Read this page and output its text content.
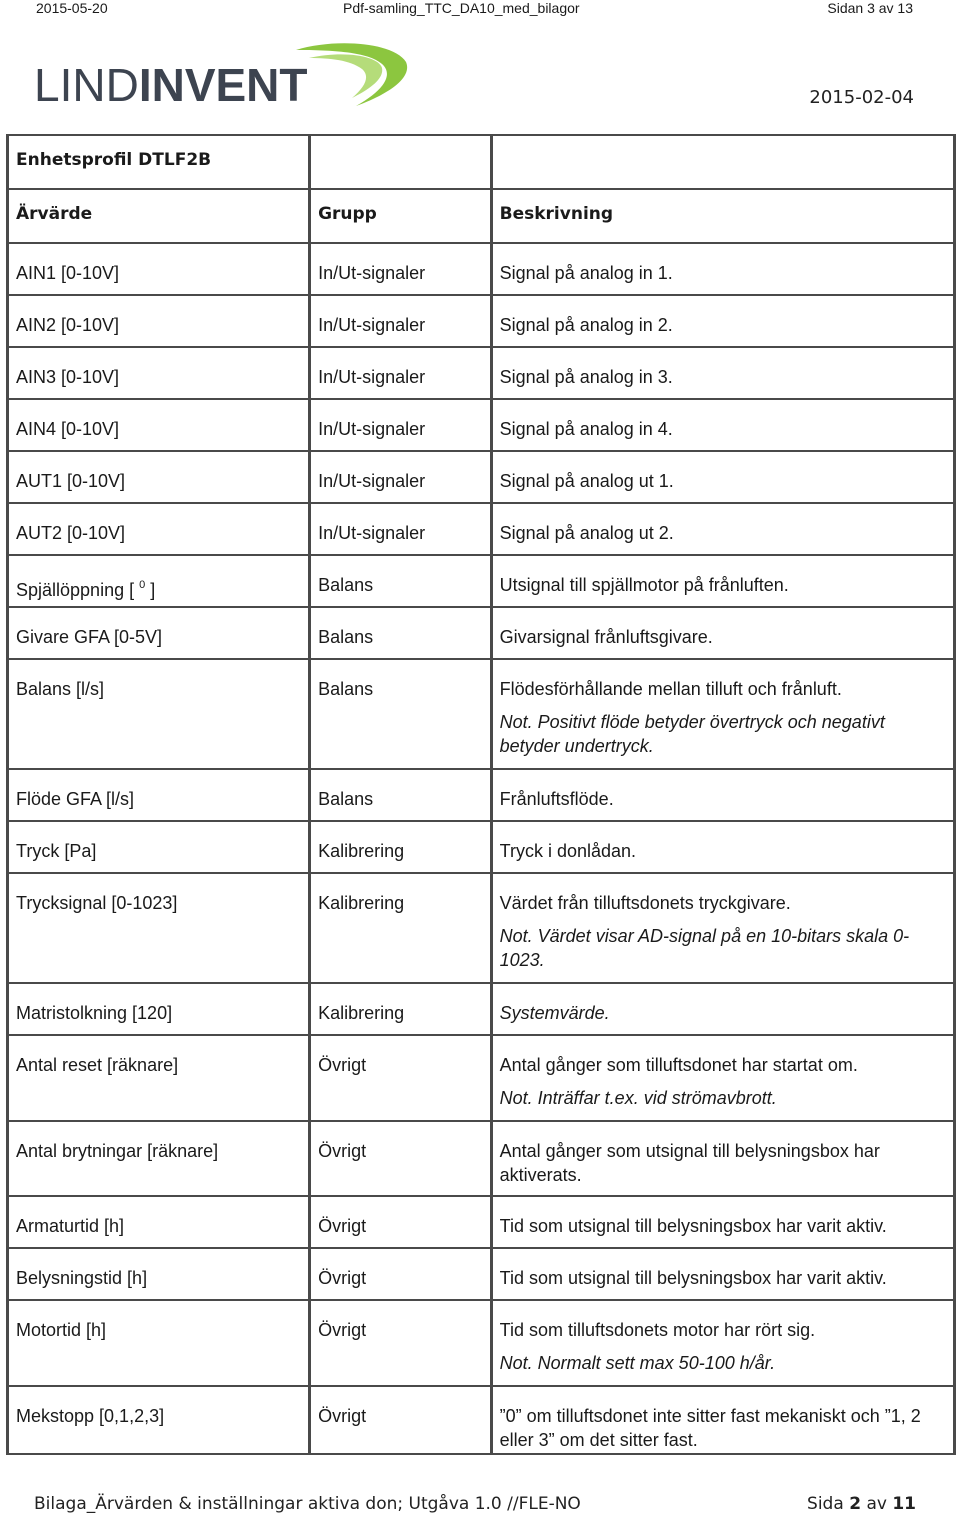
2015-05-20	Pdf-samling_TTC_DA10_med_bilagor	Sidan 3 av 13
LINDINVENT	2015-02-04
Enhetsprofil DTLF2B		
Ärvärde	Grupp	Beskrivning
AIN1 [0-10V]	In/Ut-signaler	Signal på analog in 1.

AIN2 [0-10V]	In/Ut-signaler	Signal på analog in 2.

AIN3 [0-10V]	In/Ut-signaler	Signal på analog in 3.

AIN4 [0-10V]	In/Ut-signaler	Signal på analog in 4.

AUT1 [0-10V]	In/Ut-signaler	Signal på analog ut 1.

AUT2 [0-10V]	In/Ut-signaler	Signal på analog ut 2.

Spjällöppning [ $^0$ ]	Balans	Utsignal till spjällmotor på frånluften.

Givare GFA [0-5V]	Balans	Givarsignal frånluftsgivare.

Balans [l/s]	Balans	Flödesförhållande mellan tilluft och frånluft.
Not. Positivt flöde betyder övertryck och negativt betyder undertryck.

Flöde GFA [l/s]	Balans	Frånluftsflöde.

Tryck [Pa]	Kalibrering	Tryck i donlådan.

Trycksignal [0-1023]	Kalibrering	Värdet från tilluftsdonets tryckgivare.
Not. Värdet visar AD-signal på en 10-bitars skala 0-1023.

Matristolkning [120]	Kalibrering	Systemvärde.

Antal reset [räknare]	Övrigt	Antal gånger som tilluftsdonet har startat om.
Not. Inträffar t.ex. vid strömavbrott.

Antal brytningar [räknare]	Övrigt	Antal gånger som utsignal till belysningsbox har aktiverats.

Armaturtid [h]	Övrigt	Tid som utsignal till belysningsbox har varit aktiv.

Belysningstid [h]	Övrigt	Tid som utsignal till belysningsbox har varit aktiv.

Motortid [h]	Övrigt	Tid som tilluftsdonets motor har rört sig.
Not. Normalt sett max 50-100 h/år.

Mekstopp [0,1,2,3]	Övrigt	”0” om tilluftsdonet inte sitter fast mekaniskt och ”1, 2 eller 3” om det sitter fast.
Bilaga_Ärvärden & inställningar aktiva don; Utgåva 1.0 //FLE-NO	Sida 2 av 11
